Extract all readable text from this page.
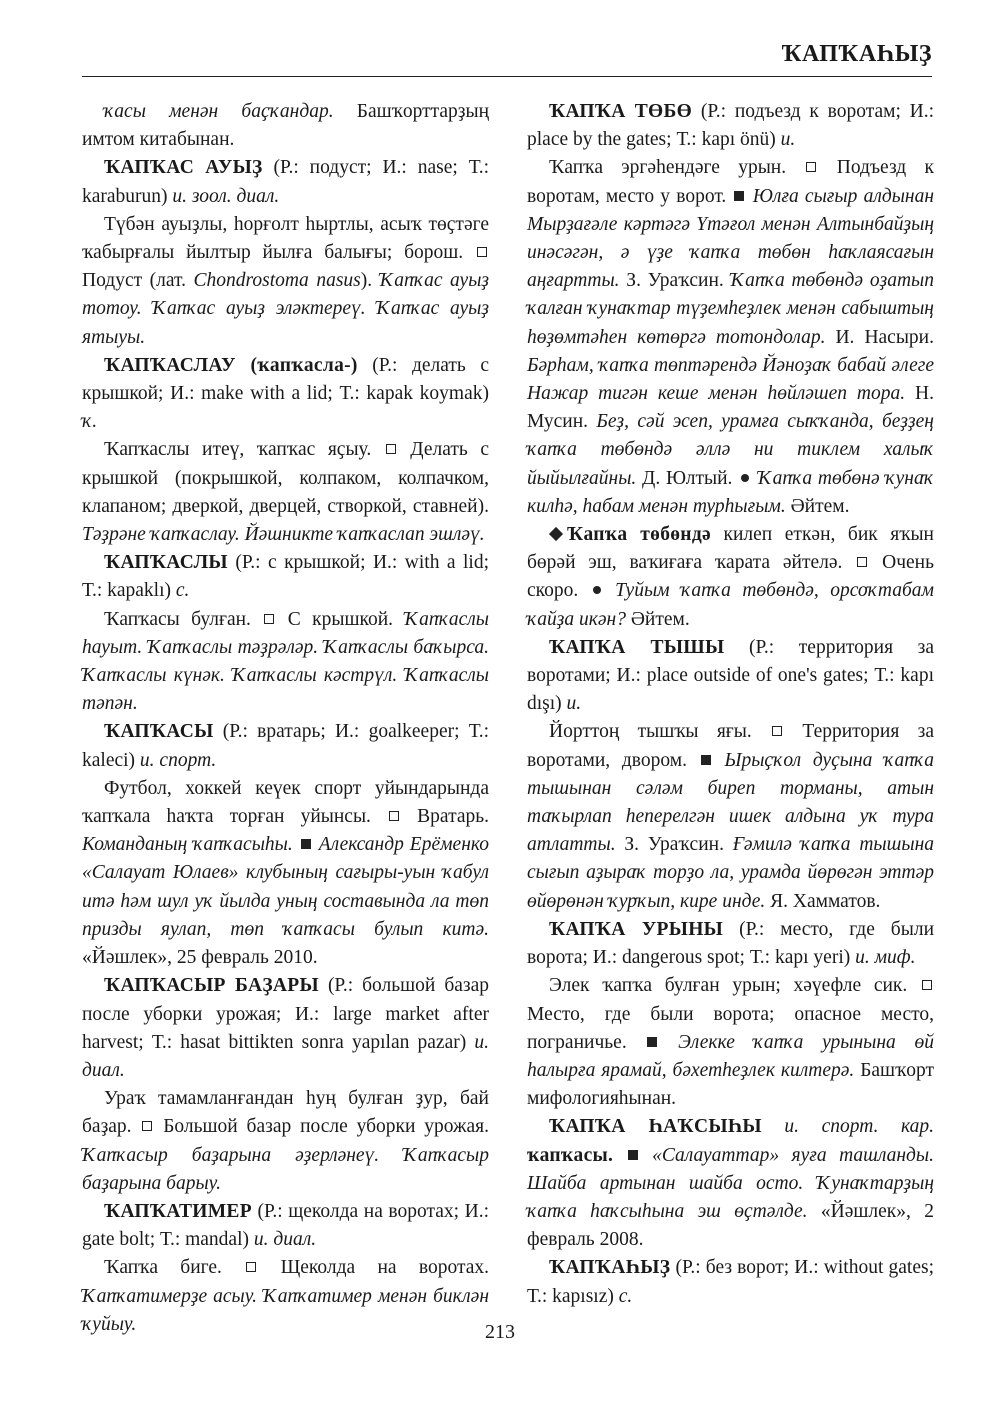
ҠАПҠАҺЫҘ

ҡасы менән баҫҡандар. Башҡорттарҙың имтом китабынан.

ҠАПҠАС АУЫҘ (Р.: подуст; И.: nase; Т.: karaburun) и. зоол. диал.

Түбән ауыҙлы, һорғолт һыртлы, асыҡ төҫтәге ҡабырғалы йылтыр йылға балығы; борош.  Подуст (лат. Chondrostoma nasus). Ҡапҡас ауыҙ тотоу. Ҡапҡас ауыҙ эләктереү. Ҡапҡас ауыҙ ятыуы.

ҠАПҠАСЛАУ (ҡапҡасла-) (Р.: делать с крышкой; И.: make with a lid; Т.: kapak koymak) ҡ.

Ҡапҡаслы итеү, ҡапҡас яҫыу.  Делать с крышкой (покрышкой, колпаком, колпачком, клапаном; дверкой, дверцей, створкой, ставней). Тәҙрәне ҡапҡаслау. Йәшникте ҡапҡаслап эшләү.

ҠАПҠАСЛЫ (Р.: с крышкой; И.: with a lid; Т.: kapaklı) с.

Ҡапҡасы булған.  С крышкой. Ҡапҡаслы һауыт. Ҡапҡаслы тәҙрәләр. Ҡапҡаслы баҡырса. Ҡапҡаслы күнәк. Ҡапҡаслы кәстрүл. Ҡапҡаслы тәпән.

ҠАПҠАСЫ (Р.: вратарь; И.: goalkeeper; Т.: kaleci) и. спорт.

Футбол, хоккей кеүек спорт уйындарында ҡапҡала һаҡта торған уйынсы.  Вратарь. Команданың ҡапҡасыһы. Александр Ерёменко «Салауат Юлаев» клубының сағыры-уын ҡабул итә һәм шул уҡ йылда уның составында ла төп призды яулап, төп ҡапҡасы булып китә. «Йәшлек», 25 февраль 2010.

ҠАПҠАСЫР БАҘАРЫ (Р.: большой базар после уборки урожая; И.: large market after harvest; Т.: hasat bittikten sonra yapılan pazar) и. диал.

Ураҡ тамамланғандан һуң булған ҙур, бай баҙар.  Большой базар после уборки урожая. Ҡапҡасыр баҙарына әҙерләнеү. Ҡапҡасыр баҙарына барыу.

ҠАПҠАТИМЕР (Р.: щеколда на воротах; И.: gate bolt; Т.: mandal) и. диал.

Ҡапҡа биге.  Щеколда на воротах. Ҡапҡатимерҙе асыу. Ҡапҡатимер менән биклән ҡуйыу.

ҠАПҠА ТӨБӨ (Р.: подъезд к воротам; И.: place by the gates; Т.: kapı önü) и.

Ҡапҡа эргәһендәге урын.  Подъезд к воротам, место у ворот.  Юлға сығыр алдынан Мырҙағәле кәртәгә Үтәғол менән Алтынбайҙың инәсәгән, ә үҙе ҡапҡа төбөн һаҡлаясағын аңғартты. З. Ураҡсин. Ҡапҡа төбөндә оҙатып ҡалған ҡунаҡтар түҙемһеҙлек менән сабыштың һөҙөмтәһен көтөргә тотондолар. И. Насыри. Бәрһам, ҡапҡа төптәрендә Йәноҙаҡ бабай әлеге Нажар тигән кеше менән һөйләшеп тора. Н. Мусин. Беҙ, сәй эсеп, урамға сыҡҡанда, беҙҙең ҡапҡа төбөндә әллә ни тиклем халыҡ йыйылғайны. Д. Юлтый.  Ҡапҡа төбөнә ҡунаҡ килһә, һабам менән турһығым. Әйтем.

Ҡапҡа төбөндә килеп еткән, бик яҡын бөрәй эш, ваҡиғаға ҡарата әйтелә.  Очень скоро.  Туйым ҡапҡа төбөндә, орсоҡтабам ҡайҙа икән? Әйтем.

ҠАПҠА ТЫШЫ (Р.: территория за воротами; И.: place outside of one's gates; Т.: kapı dışı) и.

Йорттоң тышҡы яғы.  Территория за воротами, двором.  Ырыҫҡол дуҫына ҡапҡа тышынан сәләм биреп торманы, атын таҡырлап һеперелгән ишек алдына уҡ тура атлатты. З. Ураҡсин. Ғәмилә ҡапҡа тышына сығып аҙыраҡ торҙо ла, урамда йөрөгән эттәр өйөрөнән ҡурҡып, кире инде. Я. Хамматов.

ҠАПҠА УРЫНЫ (Р.: место, где были ворота; И.: dangerous spot; Т.: kapı yeri) и. миф.

Элек ҡапҡа булған урын; хәүефле сик.  Место, где были ворота; опасное место, пограничье.  Элекке ҡапҡа урынына өй һалырға ярамай, бәхетһеҙлек килтерә. Башҡорт мифологияһынан.

ҠАПҠА ҺАҠСЫҺЫ и. спорт. кар. ҡапҡасы. «Салауаттар» яуға ташланды. Шайба артынан шайба осто. Ҡунаҡтарҙың ҡапҡа һаҡсыһына эш өҫтәлде. «Йәшлек», 2 февраль 2008.

ҠАПҠАҺЫҘ (Р.: без ворот; И.: without gates; Т.: kapısız) с.

213
